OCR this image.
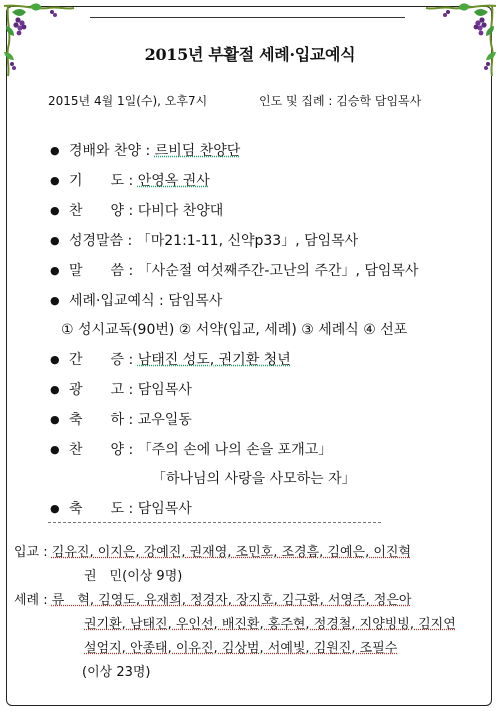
2015년 부활절 세례·입교예식
2015년 4월 1일(수), 오후7시	인도 및 집례 : 김승학 담임목사
● 경배와 찬양 : 르비딤 찬양단
● 기　　도 : 안영옥 권사
● 찬　　양 : 다비다 찬양대
● 성경말씀 : 「마21:1-11, 신약p33」, 담임목사
● 말　　씀 : 「사순절 여섯째주간-고난의 주간」, 담임목사
● 세례·입교예식 : 담임목사
① 성시교독(90번) ② 서약(입교, 세례) ③ 세례식 ④ 선포
● 간　　증 : 남태진 성도, 권기환 청년
● 광　　고 : 담임목사
● 축　　하 : 교우일동
● 찬　　양 : 「주의 손에 나의 손을 포개고」
「하나님의 사랑을 사모하는 자」
● 축　　도 : 담임목사
입교 : 김유진, 이지은, 강예진, 권재영, 조민호, 조경흠, 김예은, 이진혁
권　민(이상 9명)
세례 : 류　혁, 김영도, 유재희, 정경자, 장지호, 김구환, 서영주, 정은아
권기환, 남태진, 우인선, 배진환, 홍주현, 정경철, 지양빙빙, 김지연
설엄지, 안종태, 이유진, 김상범, 서예빛, 김원진, 조필수
(이상 23명)
